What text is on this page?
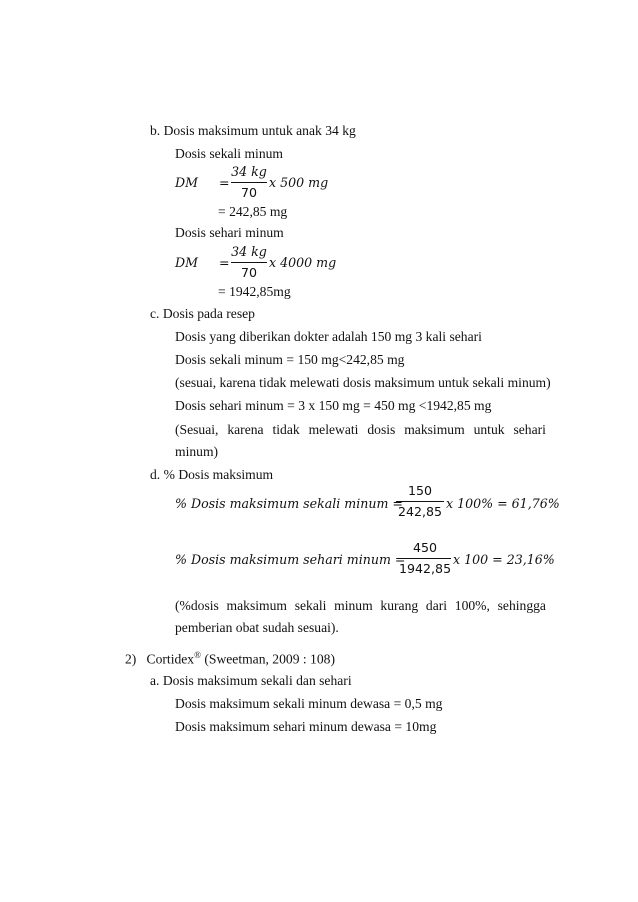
b. Dosis maksimum untuk anak 34 kg
Dosis sekali minum
DM =
34 kg
70
x 500 mg
= 242,85 mg
Dosis sehari minum
DM =
34 kg
70
x 4000 mg
= 1942,85mg
c. Dosis pada resep
Dosis yang diberikan dokter adalah 150 mg 3 kali sehari
Dosis sekali minum = 150 mg<242,85 mg
(sesuai, karena tidak melewati dosis maksimum untuk sekali minum)
Dosis sehari minum = 3 x 150 mg = 450 mg <1942,85 mg
(Sesuai, karena tidak melewati dosis maksimum untuk sehari
minum)
d. % Dosis maksimum
% Dosis maksimum sekali minum =
150
242,85
x 100% = 61,76%
% Dosis maksimum sehari minum =
450
1942,85
x 100 = 23,16%
(%dosis maksimum sekali minum kurang dari 100%, sehingga
pemberian obat sudah sesuai).
2) Cortidex® (Sweetman, 2009 : 108)
a. Dosis maksimum sekali dan sehari
Dosis maksimum sekali minum dewasa = 0,5 mg
Dosis maksimum sehari minum dewasa = 10mg
